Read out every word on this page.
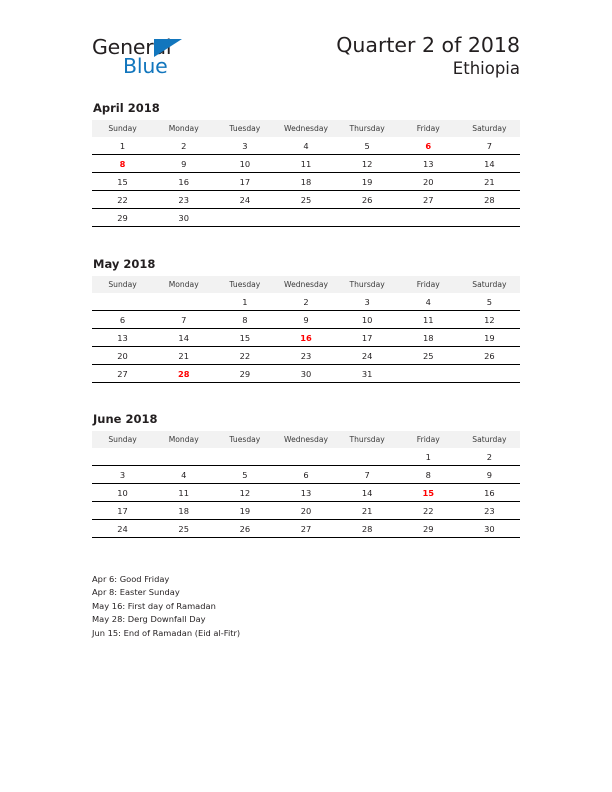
General
Blue
Quarter 2 of 2018
Ethiopia
April 2018
Sunday	Monday	Tuesday	Wednesday	Thursday	Friday	Saturday
1	2	3	4	5	6	7
8	9	10	11	12	13	14
15	16	17	18	19	20	21
22	23	24	25	26	27	28
29	30					
May 2018
Sunday	Monday	Tuesday	Wednesday	Thursday	Friday	Saturday
		1	2	3	4	5
6	7	8	9	10	11	12
13	14	15	16	17	18	19
20	21	22	23	24	25	26
27	28	29	30	31		
June 2018
Sunday	Monday	Tuesday	Wednesday	Thursday	Friday	Saturday
					1	2
3	4	5	6	7	8	9
10	11	12	13	14	15	16
17	18	19	20	21	22	23
24	25	26	27	28	29	30
Apr 6: Good Friday
Apr 8: Easter Sunday
May 16: First day of Ramadan
May 28: Derg Downfall Day
Jun 15: End of Ramadan (Eid al-Fitr)
